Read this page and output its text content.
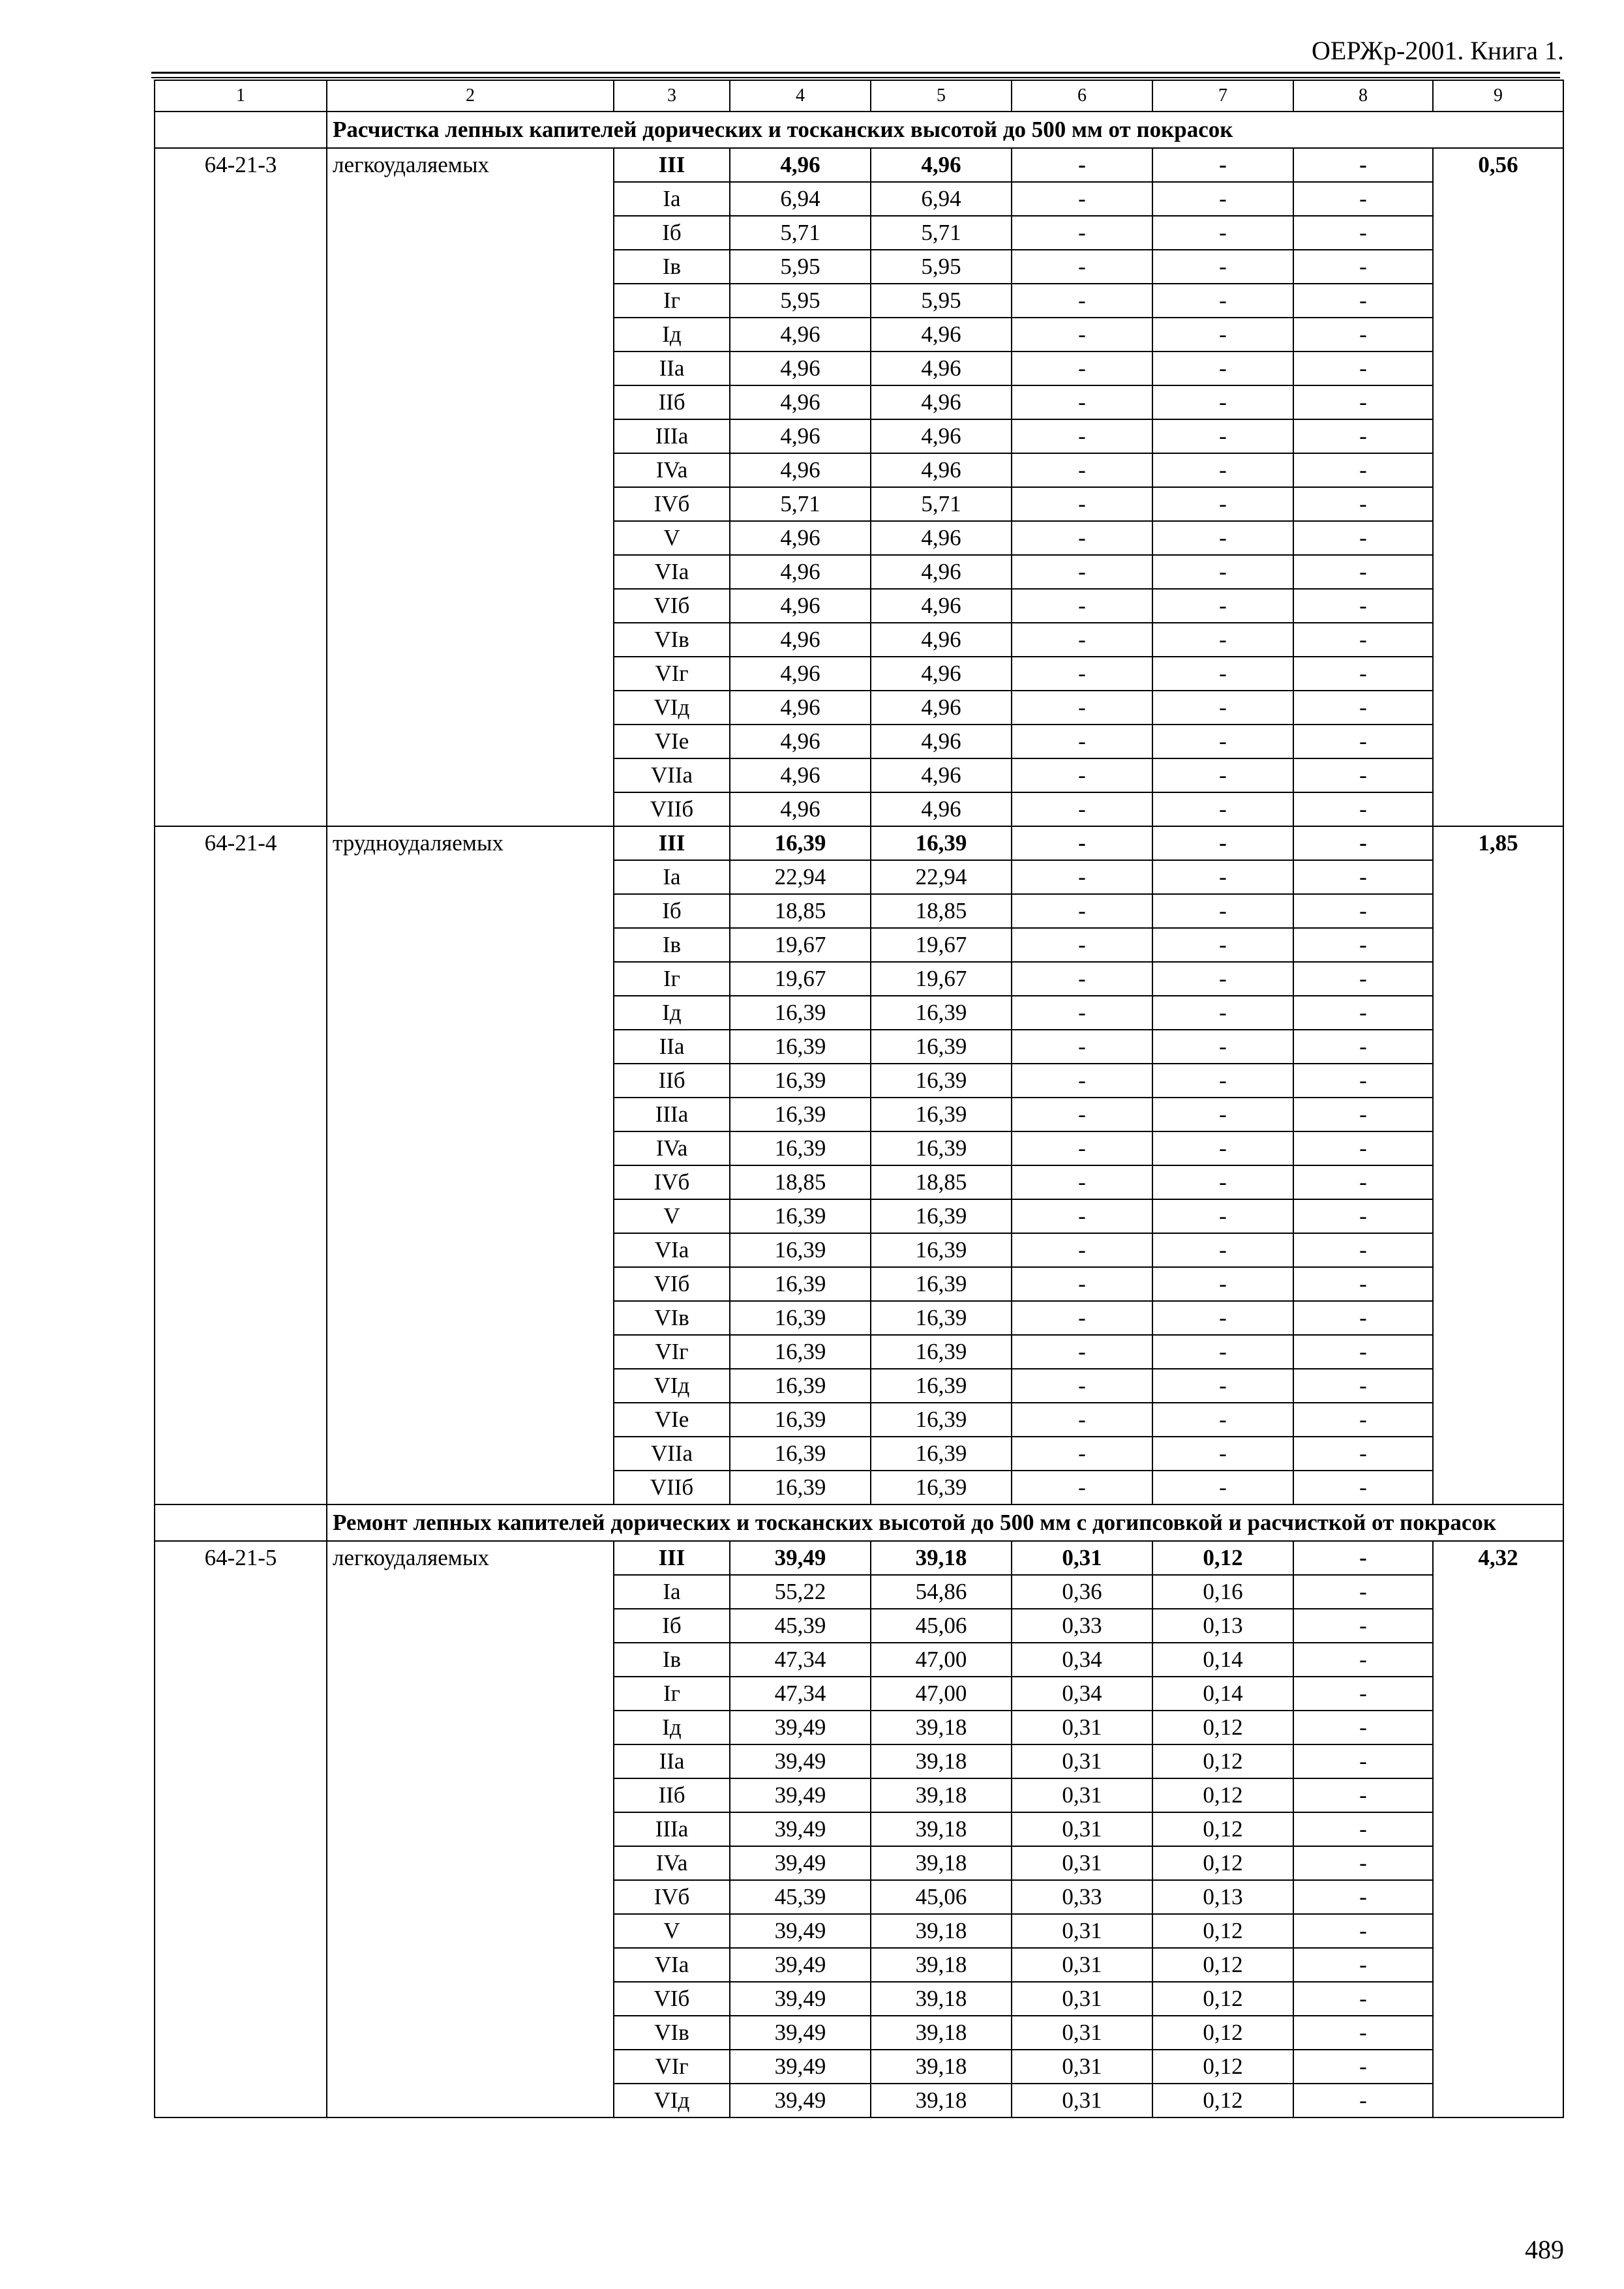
ОЕРЖр-2001. Книга 1.
1	2	3	4	5	6	7	8	9
	Расчистка лепных капителей дорических и тосканских высотой до 500 мм от покрасок							
64-21-3	легкоудаляемых	III	4,96	4,96	-	-	-	0,56
		Ia	6,94	6,94	-	-	-	
		Iб	5,71	5,71	-	-	-	
		Iв	5,95	5,95	-	-	-	
		Iг	5,95	5,95	-	-	-	
		Iд	4,96	4,96	-	-	-	
		IIa	4,96	4,96	-	-	-	
		IIб	4,96	4,96	-	-	-	
		IIIa	4,96	4,96	-	-	-	
		IVa	4,96	4,96	-	-	-	
		IVб	5,71	5,71	-	-	-	
		V	4,96	4,96	-	-	-	
		VIa	4,96	4,96	-	-	-	
		VIб	4,96	4,96	-	-	-	
		VIв	4,96	4,96	-	-	-	
		VIг	4,96	4,96	-	-	-	
		VIд	4,96	4,96	-	-	-	
		VIe	4,96	4,96	-	-	-	
		VIIa	4,96	4,96	-	-	-	
		VIIб	4,96	4,96	-	-	-	
64-21-4	трудноудаляемых	III	16,39	16,39	-	-	-	1,85
		Ia	22,94	22,94	-	-	-	
		Iб	18,85	18,85	-	-	-	
		Iв	19,67	19,67	-	-	-	
		Iг	19,67	19,67	-	-	-	
		Iд	16,39	16,39	-	-	-	
		IIa	16,39	16,39	-	-	-	
		IIб	16,39	16,39	-	-	-	
		IIIa	16,39	16,39	-	-	-	
		IVa	16,39	16,39	-	-	-	
		IVб	18,85	18,85	-	-	-	
		V	16,39	16,39	-	-	-	
		VIa	16,39	16,39	-	-	-	
		VIб	16,39	16,39	-	-	-	
		VIв	16,39	16,39	-	-	-	
		VIг	16,39	16,39	-	-	-	
		VIд	16,39	16,39	-	-	-	
		VIe	16,39	16,39	-	-	-	
		VIIa	16,39	16,39	-	-	-	
		VIIб	16,39	16,39	-	-	-	
	Ремонт лепных капителей дорических и тосканских высотой до 500 мм с догипсовкой и расчисткой от покрасок							
64-21-5	легкоудаляемых	III	39,49	39,18	0,31	0,12	-	4,32
		Ia	55,22	54,86	0,36	0,16	-	
		Iб	45,39	45,06	0,33	0,13	-	
		Iв	47,34	47,00	0,34	0,14	-	
		Iг	47,34	47,00	0,34	0,14	-	
		Iд	39,49	39,18	0,31	0,12	-	
		IIa	39,49	39,18	0,31	0,12	-	
		IIб	39,49	39,18	0,31	0,12	-	
		IIIa	39,49	39,18	0,31	0,12	-	
		IVa	39,49	39,18	0,31	0,12	-	
		IVб	45,39	45,06	0,33	0,13	-	
		V	39,49	39,18	0,31	0,12	-	
		VIa	39,49	39,18	0,31	0,12	-	
		VIб	39,49	39,18	0,31	0,12	-	
		VIв	39,49	39,18	0,31	0,12	-	
		VIг	39,49	39,18	0,31	0,12	-	
		VIд	39,49	39,18	0,31	0,12	-	
489
